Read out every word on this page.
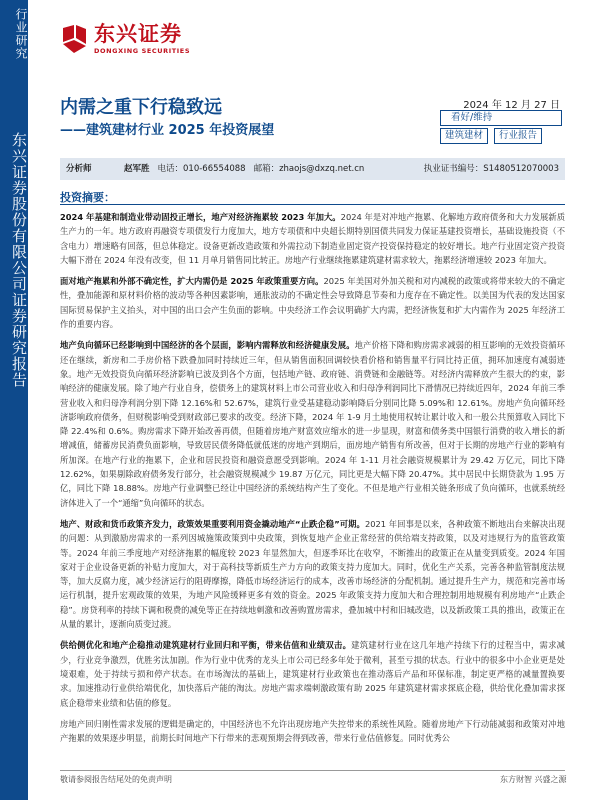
行业研究
东兴证券股份有限公司证券研究报告
东兴证券
DONGXING SECURITIES
内需之重下行稳致远
——建筑建材行业 2025 年投资展望
2024 年 12 月 27 日
看好/维持
建筑建材	行业报告
分析师	赵军胜 电话：010-66554088 邮箱：zhaojs@dxzq.net.cn	执业证书编号：S1480512070003
投资摘要：

2024 年基建和制造业带动固投正增长，地产对经济拖累较 2023 年加大。2024 年是对冲地产拖累、化解地方政府债务和大力发展新质生产力的一年。地方政府再融资专项债发行力度加大，地方专项债和中央超长期特别国债共同发力保证基建投资增长，基础设施投资（不含电力）增速略有回落，但总体稳定。设备更新改造政策和外需拉动下制造业固定资产投资保持稳定的较好增长。地产行业固定资产投资大幅下滑在 2024 年没有改变，但 11 月单月销售同比转正。房地产行业继续拖累建筑建材需求较大，拖累经济增速较 2023 年加大。

面对地产拖累和外部不确定性，扩大内需仍是 2025 年政策重要方向。2025 年美国对外加关税和对内减税的政策或将带来较大的不确定性，叠加能源和原材料价格的波动等各种因素影响，通胀波动的不确定性会导致降息节奏和力度存在不确定性。以美国为代表的发达国家国际贸易保护主义抬头，对中国的出口会产生负面的影响。中央经济工作会议明确扩大内需，把经济恢复和扩大内需作为 2025 年经济工作的重要内容。

地产负向循环已经影响到中国经济的各个层面，影响内需释放和经济健康发展。地产价格下降和购房需求减弱的相互影响的无效投资循环还在继续，新房和二手房价格下跌叠加同时持续近三年，但从销售面积回调较快看价格和销售量平行同比持正值，拥环加速度有减弱迹象。地产无效投资负向循环经济影响已波及到各个方面，包括地产链、政府链、消费链和金融链等。对经济内需释放产生很大的约束，影响经济的健康发展。除了地产行业自身，偿债务上的建筑材料上市公司营业收入和归母净利润同比下滑情况已持续近四年，2024 年前三季营业收入和归母净利润分别下降 12.16%和 52.67%，建筑行业受基建稳动影响降后分别同比降 5.09%和 12.61%。房地产负向循环经济影响政府债务，但财税影响受到财政部已要求的改变。经济下降，2024 年 1-9 月土地使用权转让累计收入和一般公共预算收入同比下降 22.4%和 0.6%。购房需求下降开始改善再债，但随着房地产财富效应缩水的进一步显现，财富和债务类中国银行消费的收入增长的新增减值，储蓄房民消费负面影响，导致居民债务降低就低迷的房地产到期后，面房地产销售有所改善，但对于长期的房地产行业的影响有所加深。在地产行业的拖累下，企业和居民投资和融资意愿受到影响。2024 年 1-11 月社会融资规模累计为 29.42 万亿元，同比下降 12.62%，如果剔除政府债务发行部分，社会融资规模减少 19.87 万亿元，同比更是大幅下降 20.47%。其中居民中长期贷款为 1.95 万亿，同比下降 18.88%。房地产行业调整已经让中国经济的系统结构产生了变化。不但是地产行业相关链条形成了负向循环，也就系统经济体进入了一个“通缩”负向循环的状态。

地产、财政和货币政策齐发力，政策效果重要利用资金撬动地产“止跌企稳”可期。2021 年回事是以来，各种政策不断地出台来解决出现的问题：从到激励房需求的一系列因城施策政策到中央政策，到恢复地产企业正常经营的供给端支持政策，以及对违规行为的监管政策等。2024 年前三季度地产对经济拖累的幅度较 2023 年显然加大，但逐季环比在收窄，不断推出的政策正在从量变到质变。2024 年国家对于企业设备更新的补贴力度加大，对于高科技等新质生产力方向的政策支持力度加大。同时，优化生产关系，完善各种监管制度法规等，加大反腐力度，减少经济运行的阻碍摩擦，降低市场经济运行的成本，改善市场经济的分配机制。通过提升生产力，规范和完善市场运行机制，提升宏观政策的效果，为地产风险缓释更多有效的资金。2025 年政策支持力度加大和合理控制用地规模有利房地产“止跌企稳”。房贷利率的持续下调和税费的减免等正在持续地刺激和改善购置房需求，叠加城中村和旧城改造，以及新政策工具的推出，政策正在从量的累计，逐渐向质变过渡。

供给侧优化和地产企稳推动建筑建材行业回归和平衡，带来估值和业绩双击。建筑建材行业在这几年地产持续下行的过程当中，需求减少，行业竞争激烈，优胜劣汰加剧。作为行业中优秀的龙头上市公司已经多年处于微利，甚至亏损的状态。行业中的很多中小企业更是处境艰难，处于持续亏损和停产状态。在市场淘汰的基础上，建筑建材行业政策也在推动落后产品和环保标准，制定更严格的减量置换要求。加速推动行业供给端优化，加快落后产能的淘汰。房地产需求端刺激政策有助 2025 年建筑建材需求探底企稳，供给优化叠加需求探底企稳带来业绩和估值的修复。

房地产回归刚性需求发展的逻辑是确定的，中国经济也不允许出现房地产失控带来的系统性风险。随着房地产下行动能减弱和政策对冲地产拖累的效果逐步明显，前期长时间地产下行带来的悲观预期会得到改善，带来行业估值修复。同时优秀公

敬请参阅报告结尾处的免责声明	东方财智 兴盛之源
